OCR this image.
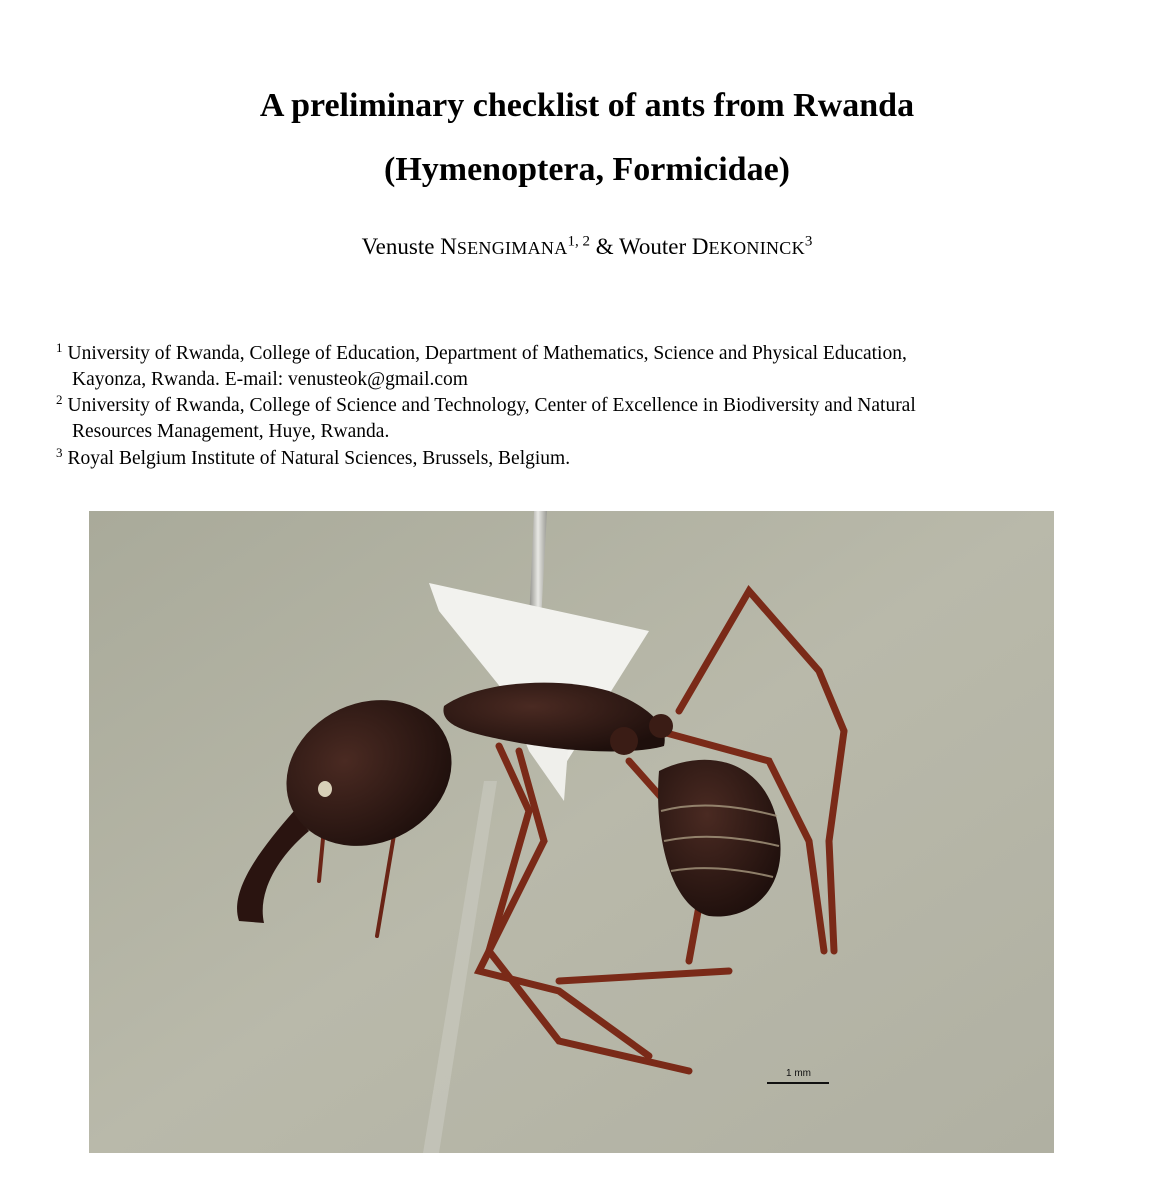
A preliminary checklist of ants from Rwanda
(Hymenoptera, Formicidae)
Venuste NSENGIMANA$^{1, 2}$ & Wouter DEKONINCK$^3$
$^1$ University of Rwanda, College of Education, Department of Mathematics, Science and Physical Education,
Kayonza, Rwanda. E-mail: venusteok@gmail.com
$^2$ University of Rwanda, College of Science and Technology, Center of Excellence in Biodiversity and Natural
Resources Management, Huye, Rwanda.
$^3$ Royal Belgium Institute of Natural Sciences, Brussels, Belgium.
1 mm
